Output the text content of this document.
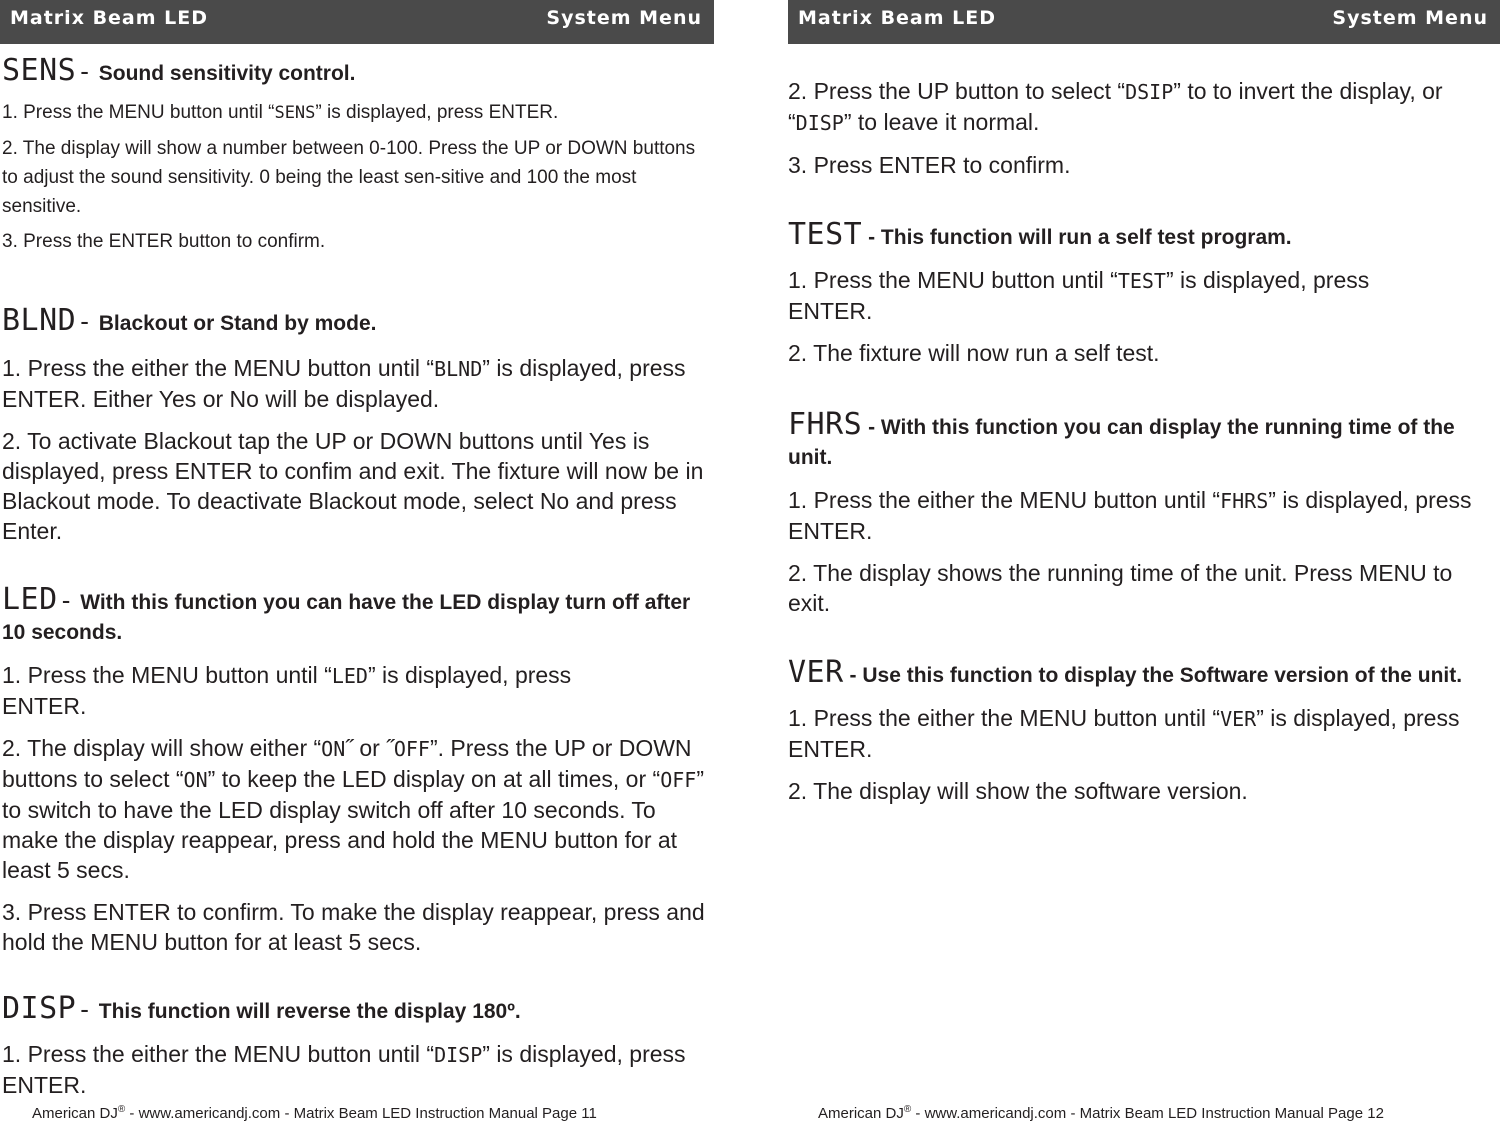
Matrix Beam LED	System Menu

SENS - Sound sensitivity control.

1. Press the MENU button until “SENS” is displayed, press ENTER.

2. The display will show a number between 0-100. Press the UP or DOWN buttons to adjust the sound sensitivity. 0 being the least sen-sitive and 100 the most sensitive.

3. Press the ENTER button to confirm.

BLND - Blackout or Stand by mode.

1. Press the either the MENU button until “BLND” is displayed, press ENTER. Either Yes or No will be displayed.

2. To activate Blackout tap the UP or DOWN buttons until Yes is displayed, press ENTER to confim and exit. The fixture will now be in Blackout mode. To deactivate Blackout mode, select No and press Enter.

LED - With this function you can have the LED display turn off after 10 seconds.

1. Press the MENU button until “LED” is displayed, press ENTER.

2. The display will show either “ON˝ or ˝OFF”. Press the UP or DOWN buttons to select “ON” to keep the LED display on at all times, or “OFF” to switch to have the LED display switch off after 10 seconds. To make the display reappear, press and hold the MENU button for at least 5 secs.

3. Press ENTER to confirm. To make the display reappear, press and hold the MENU button for at least 5 secs.

DISP - This function will reverse the display 180º.

1. Press the either the MENU button until “DISP” is displayed, press ENTER.

American DJ® - www.americandj.com - Matrix Beam LED Instruction Manual Page 11
Matrix Beam LED	System Menu

2. Press the UP button to select “DSIP” to to invert the display, or “DISP” to leave it normal.

3. Press ENTER to confirm.

TEST - This function will run a self test program.

1. Press the MENU button until “TEST” is displayed, press ENTER.

2. The fixture will now run a self test.

FHRS - With this function you can display the running time of the unit.

1. Press the either the MENU button until “FHRS” is displayed, press ENTER.

2. The display shows the running time of the unit. Press MENU to exit.

VER - Use this function to display the Software version of the unit.

1. Press the either the MENU button until “VER” is displayed, press ENTER.

2. The display will show the software version.

American DJ® - www.americandj.com - Matrix Beam LED Instruction Manual Page 12
